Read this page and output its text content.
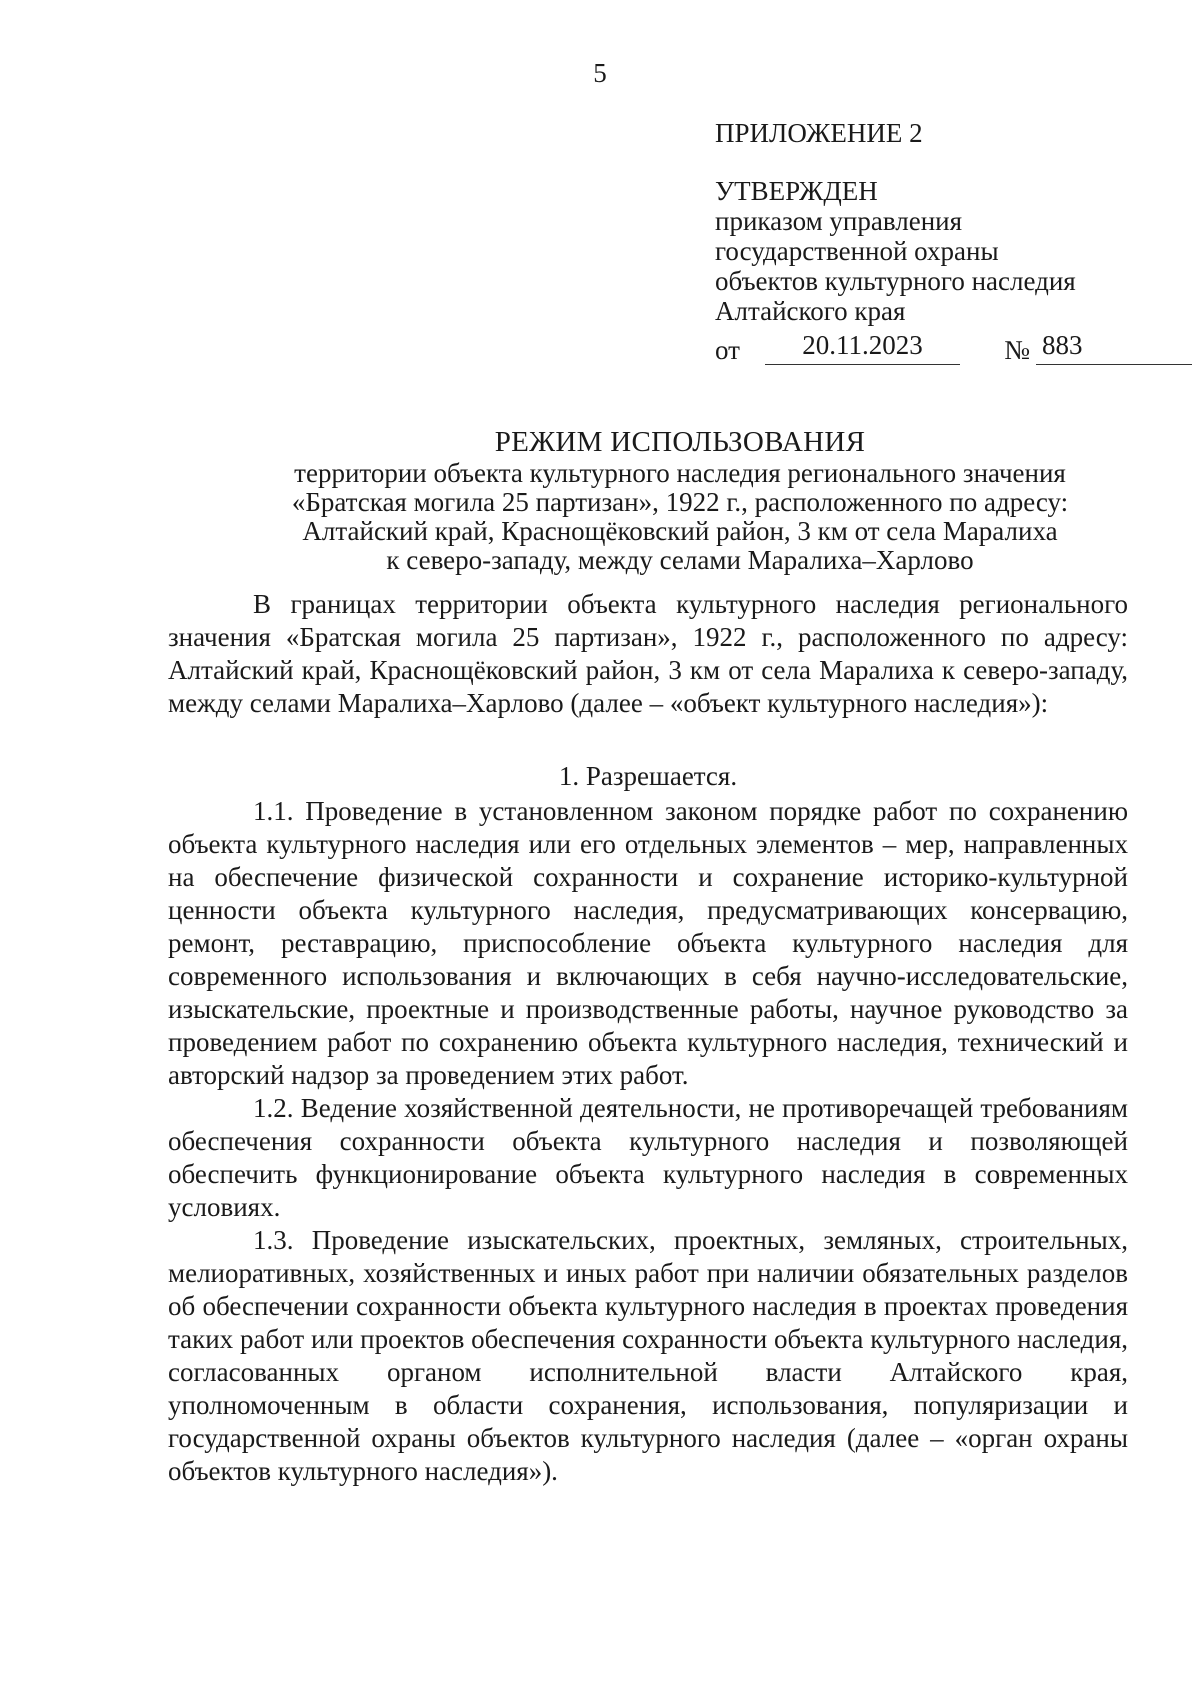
5
ПРИЛОЖЕНИЕ 2
УТВЕРЖДЕН
приказом управления
государственной охраны
объектов культурного наследия
Алтайского края
от	20.11.2023	№ 883
РЕЖИМ ИСПОЛЬЗОВАНИЯ
территории объекта культурного наследия регионального значения
«Братская могила 25 партизан», 1922 г., расположенного по адресу:
Алтайский край, Краснощёковский район, 3 км от села Маралиха
к северо-западу, между селами Маралиха–Харлово

В границах территории объекта культурного наследия регионального значения «Братская могила 25 партизан», 1922 г., расположенного по адресу: Алтайский край, Краснощёковский район, 3 км от села Маралиха к северо-западу, между селами Маралиха–Харлово (далее – «объект культурного наследия»):

1. Разрешается.

1.1. Проведение в установленном законом порядке работ по сохранению объекта культурного наследия или его отдельных элементов – мер, направленных на обеспечение физической сохранности и сохранение историко-культурной ценности объекта культурного наследия, предусматривающих консервацию, ремонт, реставрацию, приспособление объекта культурного наследия для современного использования и включающих в себя научно-исследовательские, изыскательские, проектные и производственные работы, научное руководство за проведением работ по сохранению объекта культурного наследия, технический и авторский надзор за проведением этих работ.

1.2. Ведение хозяйственной деятельности, не противоречащей требованиям обеспечения сохранности объекта культурного наследия и позволяющей обеспечить функционирование объекта культурного наследия в современных условиях.

1.3. Проведение изыскательских, проектных, земляных, строительных, мелиоративных, хозяйственных и иных работ при наличии обязательных разделов об обеспечении сохранности объекта культурного наследия в проектах проведения таких работ или проектов обеспечения сохранности объекта культурного наследия, согласованных органом исполнительной власти Алтайского края, уполномоченным в области сохранения, использования, популяризации и государственной охраны объектов культурного наследия (далее – «орган охраны объектов культурного наследия»).
